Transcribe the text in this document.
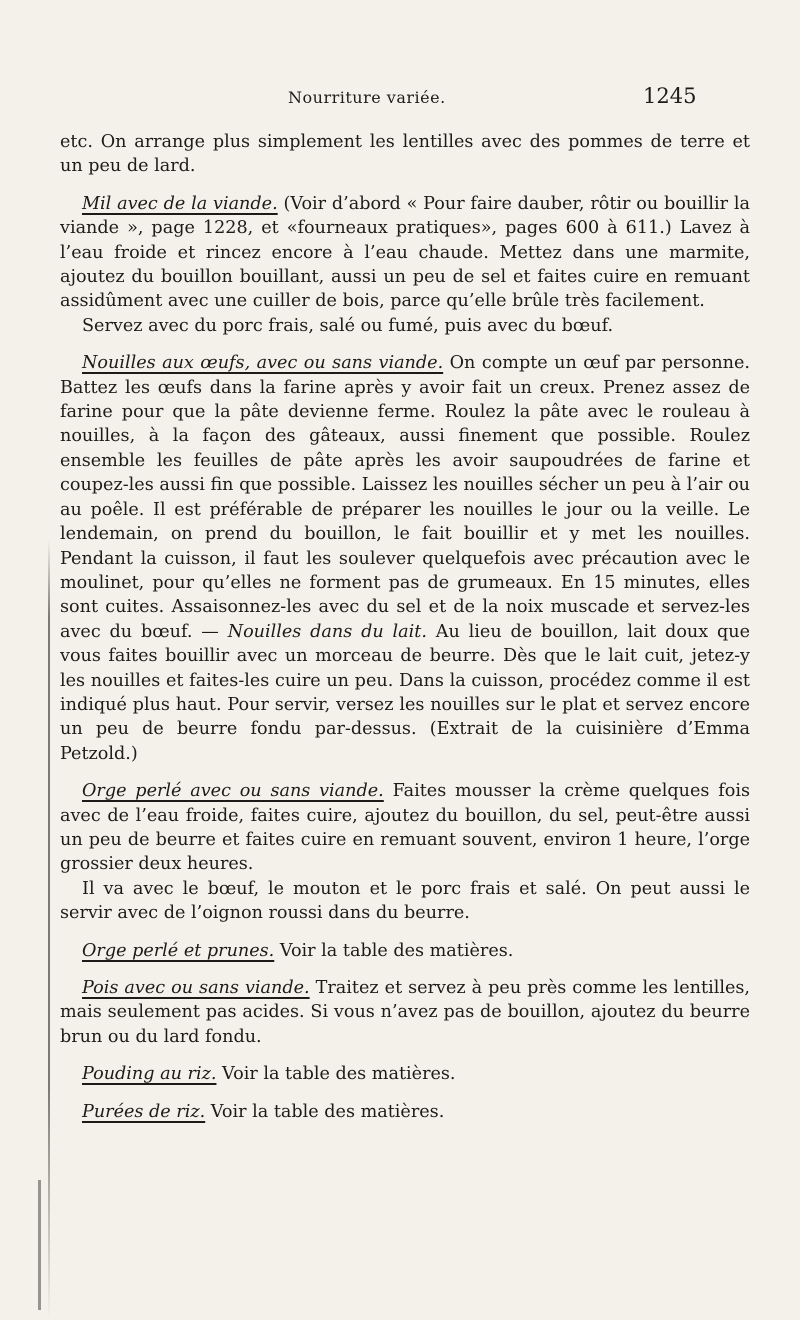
Nourriture variée.	1245

etc. On arrange plus simplement les lentilles avec des pommes de terre et un peu de lard.

Mil avec de la viande. (Voir d’abord « Pour faire dauber, rôtir ou bouillir la viande », page 1228, et «fourneaux pratiques», pages 600 à 611.) Lavez à l’eau froide et rincez encore à l’eau chaude. Mettez dans une marmite, ajoutez du bouillon bouillant, aussi un peu de sel et faites cuire en remuant assidûment avec une cuiller de bois, parce qu’elle brûle très facilement.

Servez avec du porc frais, salé ou fumé, puis avec du bœuf.

Nouilles aux œufs, avec ou sans viande. On compte un œuf par personne. Battez les œufs dans la farine après y avoir fait un creux. Prenez assez de farine pour que la pâte devienne ferme. Roulez la pâte avec le rouleau à nouilles, à la façon des gâteaux, aussi finement que possible. Roulez ensemble les feuilles de pâte après les avoir saupoudrées de farine et coupez-les aussi fin que possible. Laissez les nouilles sécher un peu à l’air ou au poêle. Il est préférable de préparer les nouilles le jour ou la veille. Le lendemain, on prend du bouillon, le fait bouillir et y met les nouilles. Pendant la cuisson, il faut les soulever quelquefois avec précaution avec le moulinet, pour qu’elles ne forment pas de grumeaux. En 15 minutes, elles sont cuites. Assaisonnez-les avec du sel et de la noix muscade et servez-les avec du bœuf. — Nouilles dans du lait. Au lieu de bouillon, lait doux que vous faites bouillir avec un morceau de beurre. Dès que le lait cuit, jetez-y les nouilles et faites-les cuire un peu. Dans la cuisson, procédez comme il est indiqué plus haut. Pour servir, versez les nouilles sur le plat et servez encore un peu de beurre fondu par-dessus. (Extrait de la cuisinière d’Emma Petzold.)

Orge perlé avec ou sans viande. Faites mousser la crème quelques fois avec de l’eau froide, faites cuire, ajoutez du bouillon, du sel, peut-être aussi un peu de beurre et faites cuire en remuant souvent, environ 1 heure, l’orge grossier deux heures.

Il va avec le bœuf, le mouton et le porc frais et salé. On peut aussi le servir avec de l’oignon roussi dans du beurre.

Orge perlé et prunes. Voir la table des matières.

Pois avec ou sans viande. Traitez et servez à peu près comme les lentilles, mais seulement pas acides. Si vous n’avez pas de bouillon, ajoutez du beurre brun ou du lard fondu.

Pouding au riz. Voir la table des matières.

Purées de riz. Voir la table des matières.
